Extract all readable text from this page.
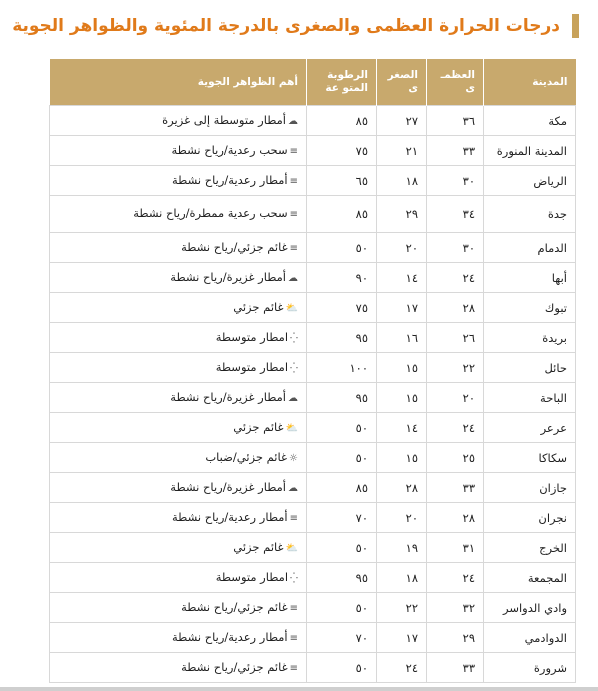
درجات الحرارة العظمى والصغرى بالدرجة المئوية والظواهر الجوية
المدينة	العظمـ ى	الصغر ى	الرطوبة المتو عة	أهم الظواهر الجوية
مكة	٣٦	٢٧	٨٥	☁أمطار متوسطة إلى غزيرة
المدينة المنورة	٣٣	٢١	٧٥	≡سحب رعدية/رياح نشطة
الرياض	٣٠	١٨	٦٥	≡أمطار رعدية/رياح نشطة
جدة	٣٤	٢٩	٨٥	≡سحب رعدية ممطرة/رياح نشطة
الدمام	٣٠	٢٠	٥٠	≡غائم جزئي/رياح نشطة
أبها	٢٤	١٤	٩٠	☁أمطار غزيرة/رياح نشطة
تبوك	٢٨	١٧	٧٥	⛅غائم جزئي
بريدة	٢٦	١٦	٩٥	⁛امطار متوسطة
حائل	٢٢	١٥	١٠٠	⁛امطار متوسطة
الباحة	٢٠	١٥	٩٥	☁أمطار غزيرة/رياح نشطة
عرعر	٢٤	١٤	٥٠	⛅غائم جزئي
سكاكا	٢٥	١٥	٥٠	☼غائم جزئي/ضباب
جازان	٣٣	٢٨	٨٥	☁أمطار غزيرة/رياح نشطة
نجران	٢٨	٢٠	٧٠	≡أمطار رعدية/رياح نشطة
الخرج	٣١	١٩	٥٠	⛅غائم جزئي
المجمعة	٢٤	١٨	٩٥	⁛امطار متوسطة
وادي الدواسر	٣٢	٢٢	٥٠	≡غائم جزئي/رياح نشطة
الدوادمي	٢٩	١٧	٧٠	≡أمطار رعدية/رياح نشطة
شرورة	٣٣	٢٤	٥٠	≡غائم جزئي/رياح نشطة
